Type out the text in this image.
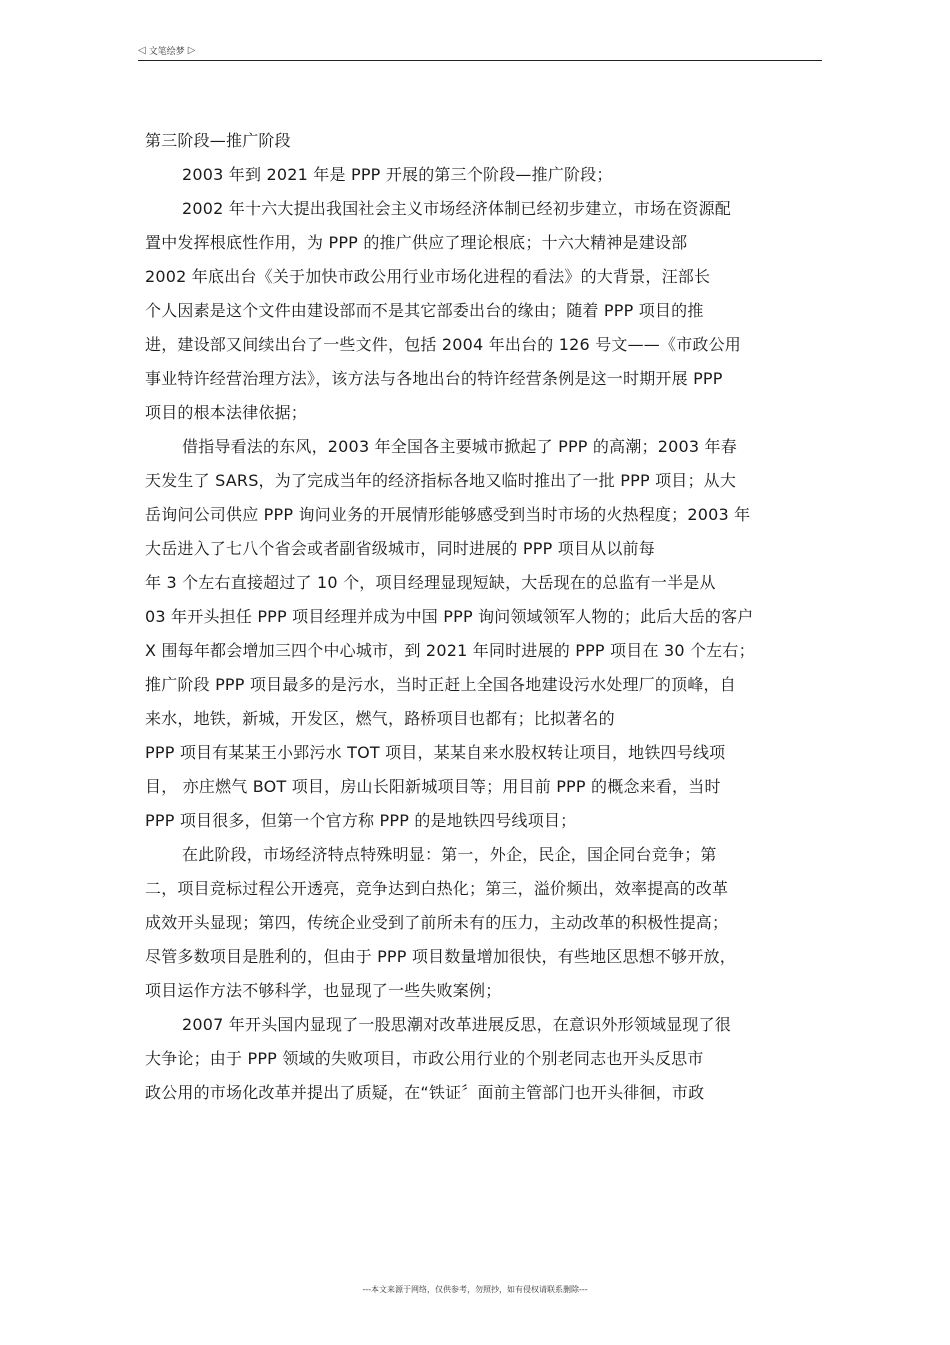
◁ 文笔绘梦 ▷
第三阶段—推广阶段
2003 年到 2021 年是 PPP 开展的第三个阶段—推广阶段；
2002 年十六大提出我国社会主义市场经济体制已经初步建立，市场在资源配
置中发挥根底性作用，为 PPP 的推广供应了理论根底；十六大精神是建设部
2002 年底出台《关于加快市政公用行业市场化进程的看法》的大背景，汪部长
个人因素是这个文件由建设部而不是其它部委出台的缘由；随着 PPP 项目的推
进，建设部又间续出台了一些文件，包括 2004 年出台的 126 号文——《市政公用
事业特许经营治理方法》，该方法与各地出台的特许经营条例是这一时期开展 PPP
项目的根本法律依据；
借指导看法的东风，2003 年全国各主要城市掀起了 PPP 的高潮；2003 年春
天发生了 SARS，为了完成当年的经济指标各地又临时推出了一批 PPP 项目；从大
岳询问公司供应 PPP 询问业务的开展情形能够感受到当时市场的火热程度；2003 年
大岳进入了七八个省会或者副省级城市，同时进展的 PPP 项目从以前每
年 3 个左右直接超过了 10 个，项目经理显现短缺，大岳现在的总监有一半是从
03 年开头担任 PPP 项目经理并成为中国 PPP 询问领域领军人物的；此后大岳的客户
X 围每年都会增加三四个中心城市，到 2021 年同时进展的 PPP 项目在 30 个左右；
推广阶段 PPP 项目最多的是污水，当时正赶上全国各地建设污水处理厂的顶峰，自
来水，地铁，新城，开发区，燃气，路桥项目也都有；比拟著名的
PPP 项目有某某王小郢污水 TOT 项目，某某自来水股权转让项目，地铁四号线项
目， 亦庄燃气 BOT 项目，房山长阳新城项目等；用目前 PPP 的概念来看，当时
PPP 项目很多，但第一个官方称 PPP 的是地铁四号线项目；
在此阶段，市场经济特点特殊明显：第一，外企，民企，国企同台竞争；第
二，项目竞标过程公开透亮，竞争达到白热化；第三，溢价频出，效率提高的改革
成效开头显现；第四，传统企业受到了前所未有的压力，主动改革的积极性提高；
尽管多数项目是胜利的，但由于 PPP 项目数量增加很快，有些地区思想不够开放，
项目运作方法不够科学，也显现了一些失败案例；
2007 年开头国内显现了一股思潮对改革进展反思，在意识外形领域显现了很
大争论；由于 PPP 领域的失败项目，市政公用行业的个别老同志也开头反思市
政公用的市场化改革并提出了质疑，在“铁证〞面前主管部门也开头徘徊，市政
---本文来源于网络，仅供参考，勿照抄，如有侵权请联系删除---
